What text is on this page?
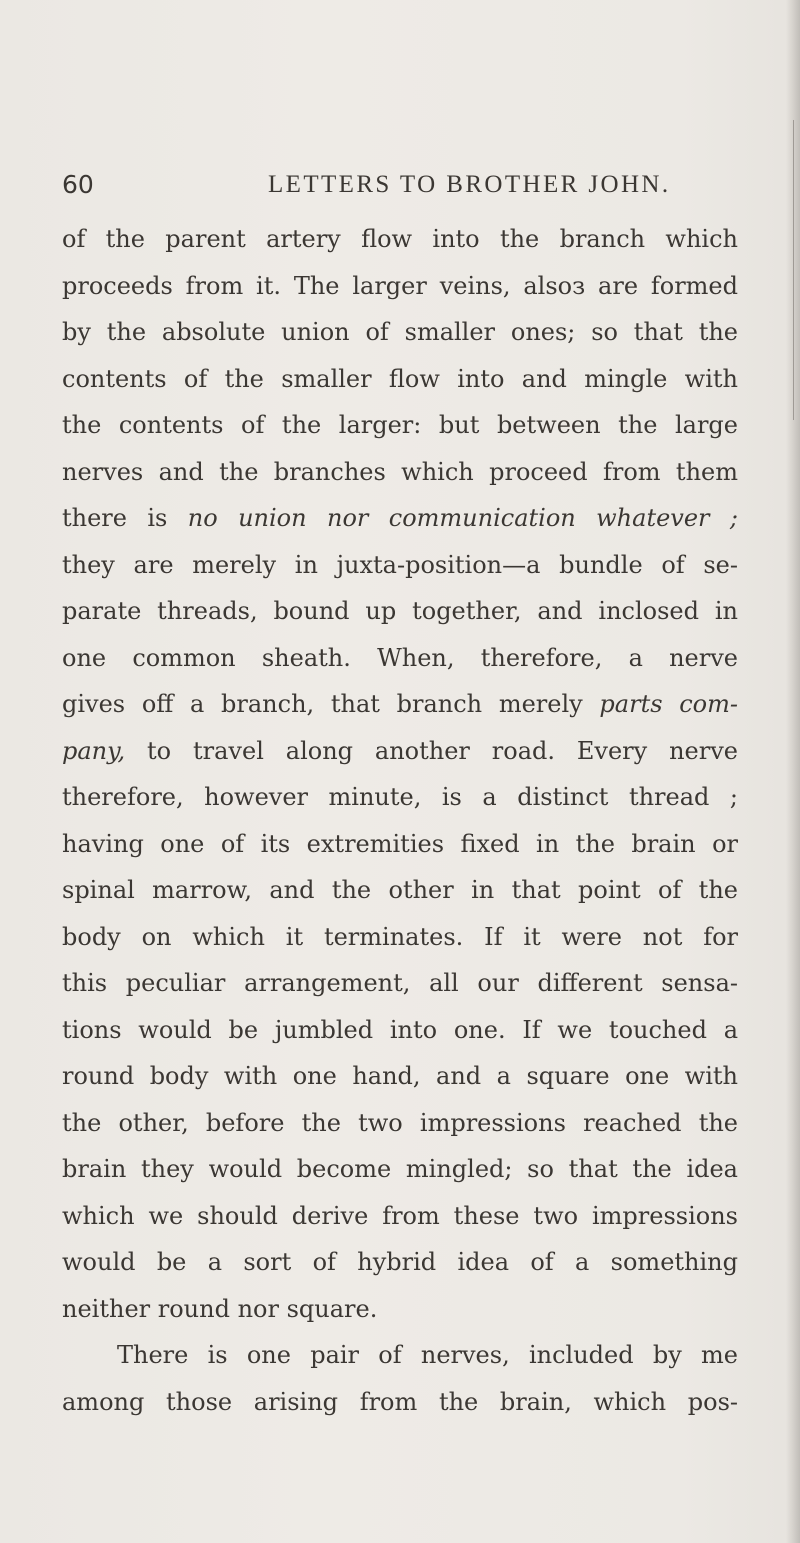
60	LETTERS TO BROTHER JOHN.
of the parent artery flow into the branch which
proceeds from it. The larger veins, alsoз are formed
by the absolute union of smaller ones; so that the
contents of the smaller flow into and mingle with
the contents of the larger: but between the large
nerves and the branches which proceed from them
there is no union nor communication whatever ;
they are merely in juxta-position—a bundle of se-
parate threads, bound up together, and inclosed in
one common sheath. When, therefore, a nerve
gives off a branch, that branch merely parts com-
pany, to travel along another road. Every nerve
therefore, however minute, is a distinct thread ;
having one of its extremities fixed in the brain or
spinal marrow, and the other in that point of the
body on which it terminates. If it were not for
this peculiar arrangement, all our different sensa-
tions would be jumbled into one. If we touched a
round body with one hand, and a square one with
the other, before the two impressions reached the
brain they would become mingled; so that the idea
which we should derive from these two impressions
would be a sort of hybrid idea of a something
neither round nor square.
There is one pair of nerves, included by me
among those arising from the brain, which pos-
